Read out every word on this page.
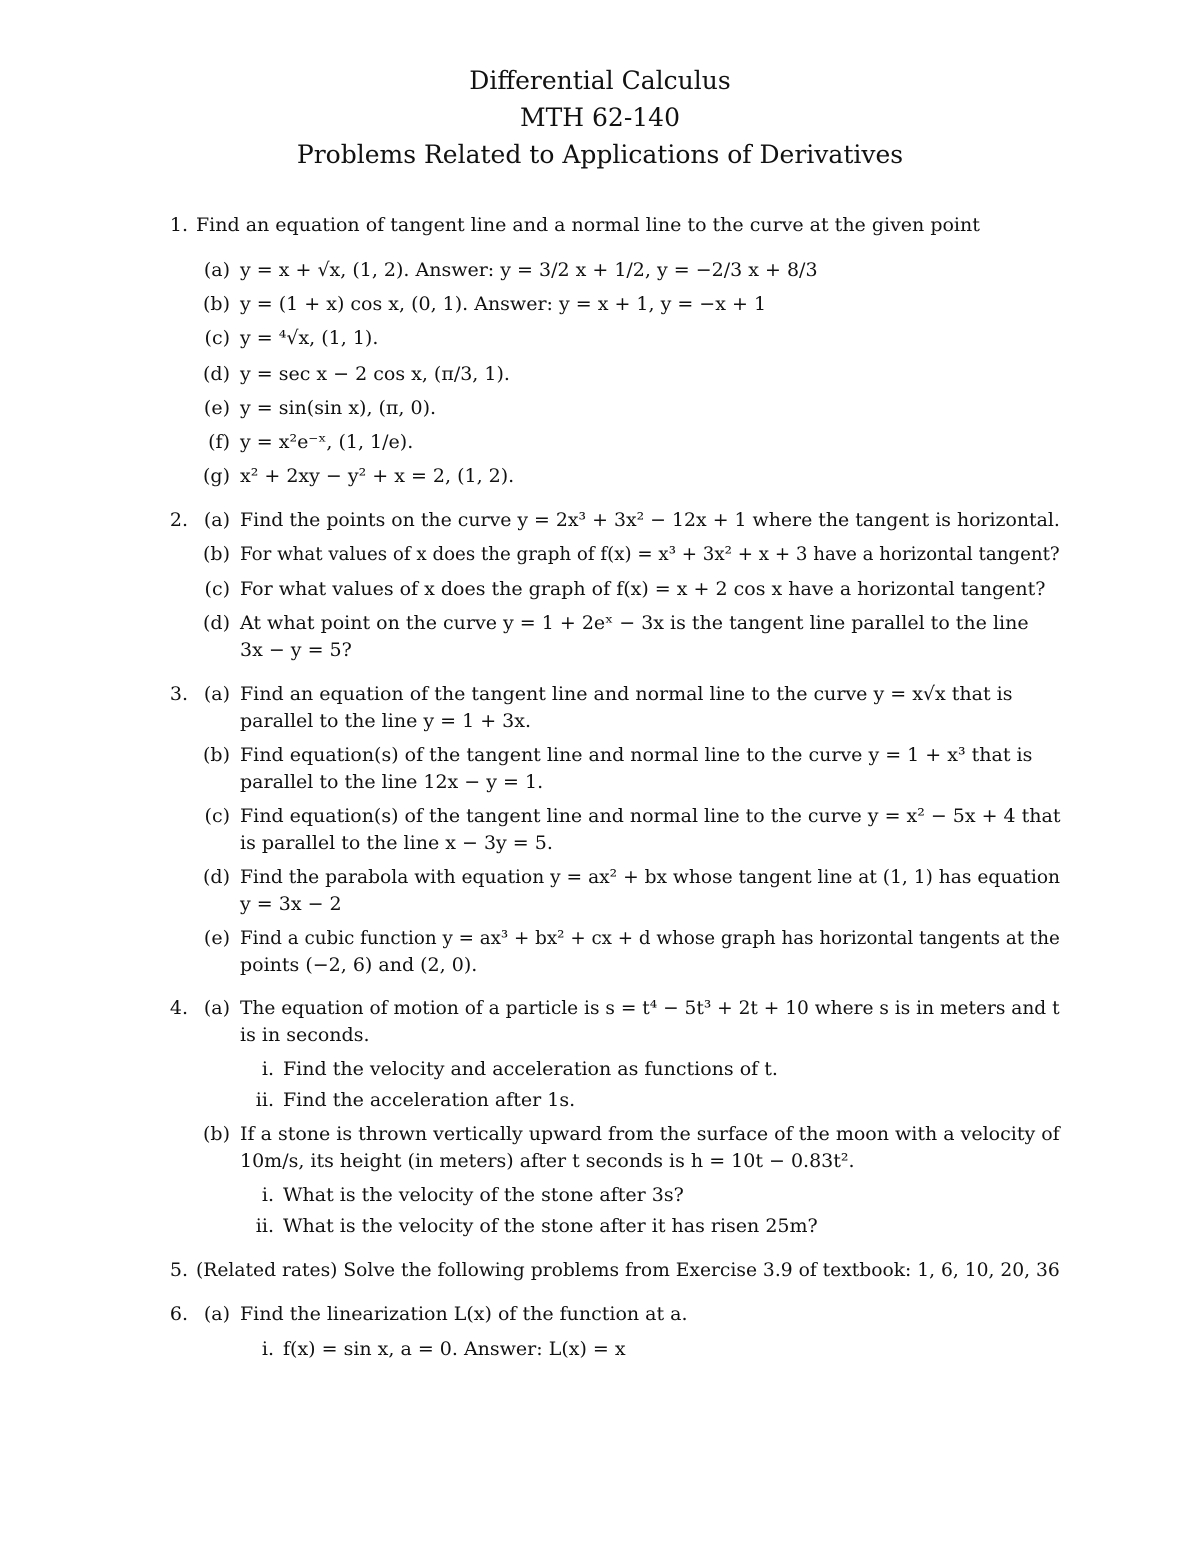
Differential Calculus
MTH 62-140
Problems Related to Applications of Derivatives
1. Find an equation of tangent line and a normal line to the curve at the given point
(a) y = x + √x, (1, 2). Answer: y = 3/2 x + 1/2, y = −2/3 x + 8/3
(b) y = (1 + x) cos x, (0, 1). Answer: y = x + 1, y = −x + 1
(c) y = ⁴√x, (1, 1).
(d) y = sec x − 2 cos x, (π/3, 1).
(e) y = sin(sin x), (π, 0).
(f) y = x²e⁻ˣ, (1, 1/e).
(g) x² + 2xy − y² + x = 2, (1, 2).
2. (a) Find the points on the curve y = 2x³ + 3x² − 12x + 1 where the tangent is horizontal.
(b) For what values of x does the graph of f(x) = x³ + 3x² + x + 3 have a horizontal tangent?
(c) For what values of x does the graph of f(x) = x + 2 cos x have a horizontal tangent?
(d) At what point on the curve y = 1 + 2eˣ − 3x is the tangent line parallel to the line
3x − y = 5?
3. (a) Find an equation of the tangent line and normal line to the curve y = x√x that is
parallel to the line y = 1 + 3x.
(b) Find equation(s) of the tangent line and normal line to the curve y = 1 + x³ that is
parallel to the line 12x − y = 1.
(c) Find equation(s) of the tangent line and normal line to the curve y = x² − 5x + 4 that
is parallel to the line x − 3y = 5.
(d) Find the parabola with equation y = ax² + bx whose tangent line at (1, 1) has equation
y = 3x − 2
(e) Find a cubic function y = ax³ + bx² + cx + d whose graph has horizontal tangents at the
points (−2, 6) and (2, 0).
4. (a) The equation of motion of a particle is s = t⁴ − 5t³ + 2t + 10 where s is in meters and t
is in seconds.
i. Find the velocity and acceleration as functions of t.
ii. Find the acceleration after 1s.
(b) If a stone is thrown vertically upward from the surface of the moon with a velocity of
10m/s, its height (in meters) after t seconds is h = 10t − 0.83t².
i. What is the velocity of the stone after 3s?
ii. What is the velocity of the stone after it has risen 25m?
5. (Related rates) Solve the following problems from Exercise 3.9 of textbook: 1, 6, 10, 20, 36
6. (a) Find the linearization L(x) of the function at a.
i. f(x) = sin x, a = 0. Answer: L(x) = x
